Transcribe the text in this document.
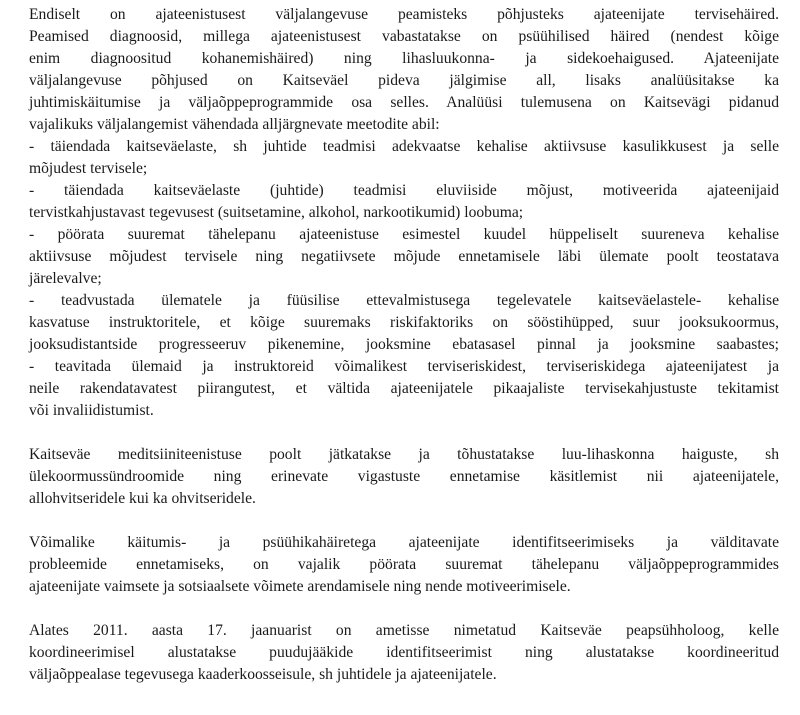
Endiselt on ajateenistusest väljalangevuse peamisteks põhjusteks ajateenijate tervisehäired.
Peamised diagnoosid, millega ajateenistusest vabastatakse on psüühilised häired (nendest kõige
enim diagnoositud kohanemishäired) ning lihasluukonna- ja sidekoehaigused. Ajateenijate
väljalangevuse põhjused on Kaitseväel pideva jälgimise all, lisaks analüüsitakse ka
juhtimiskäitumise ja väljaõppeprogrammide osa selles. Analüüsi tulemusena on Kaitsevägi pidanud
vajalikuks väljalangemist vähendada alljärgnevate meetodite abil:
- täiendada kaitseväelaste, sh juhtide teadmisi adekvaatse kehalise aktiivsuse kasulikkusest ja selle
mõjudest tervisele;
- täiendada kaitseväelaste (juhtide) teadmisi eluviiside mõjust, motiveerida ajateenijaid
tervistkahjustavast tegevusest (suitsetamine, alkohol, narkootikumid) loobuma;
- pöörata suuremat tähelepanu ajateenistuse esimestel kuudel hüppeliselt suureneva kehalise
aktiivsuse mõjudest tervisele ning negatiivsete mõjude ennetamisele läbi ülemate poolt teostatava
järelevalve;
- teadvustada ülematele ja füüsilise ettevalmistusega tegelevatele kaitseväelastele- kehalise
kasvatuse instruktoritele, et kõige suuremaks riskifaktoriks on sööstihüpped, suur jooksukoormus,
jooksudistantside progresseeruv pikenemine, jooksmine ebatasasel pinnal ja jooksmine saabastes;
- teavitada ülemaid ja instruktoreid võimalikest terviseriskidest, terviseriskidega ajateenijatest ja
neile rakendatavatest piirangutest, et vältida ajateenijatele pikaajaliste tervisekahjustuste tekitamist
või invaliidistumist.

Kaitseväe meditsiiniteenistuse poolt jätkatakse ja tõhustatakse luu-lihaskonna haiguste, sh
ülekoormussündroomide ning erinevate vigastuste ennetamise käsitlemist nii ajateenijatele,
allohvitseridele kui ka ohvitseridele.

Võimalike käitumis- ja psüühikahäiretega ajateenijate identifitseerimiseks ja välditavate
probleemide ennetamiseks, on vajalik pöörata suuremat tähelepanu väljaõppeprogrammides
ajateenijate vaimsete ja sotsiaalsete võimete arendamisele ning nende motiveerimisele.

Alates 2011. aasta 17. jaanuarist on ametisse nimetatud Kaitseväe peapsühholoog, kelle
koordineerimisel alustatakse puudujääkide identifitseerimist ning alustatakse koordineeritud
väljaõppealase tegevusega kaaderkoosseisule, sh juhtidele ja ajateenijatele.
